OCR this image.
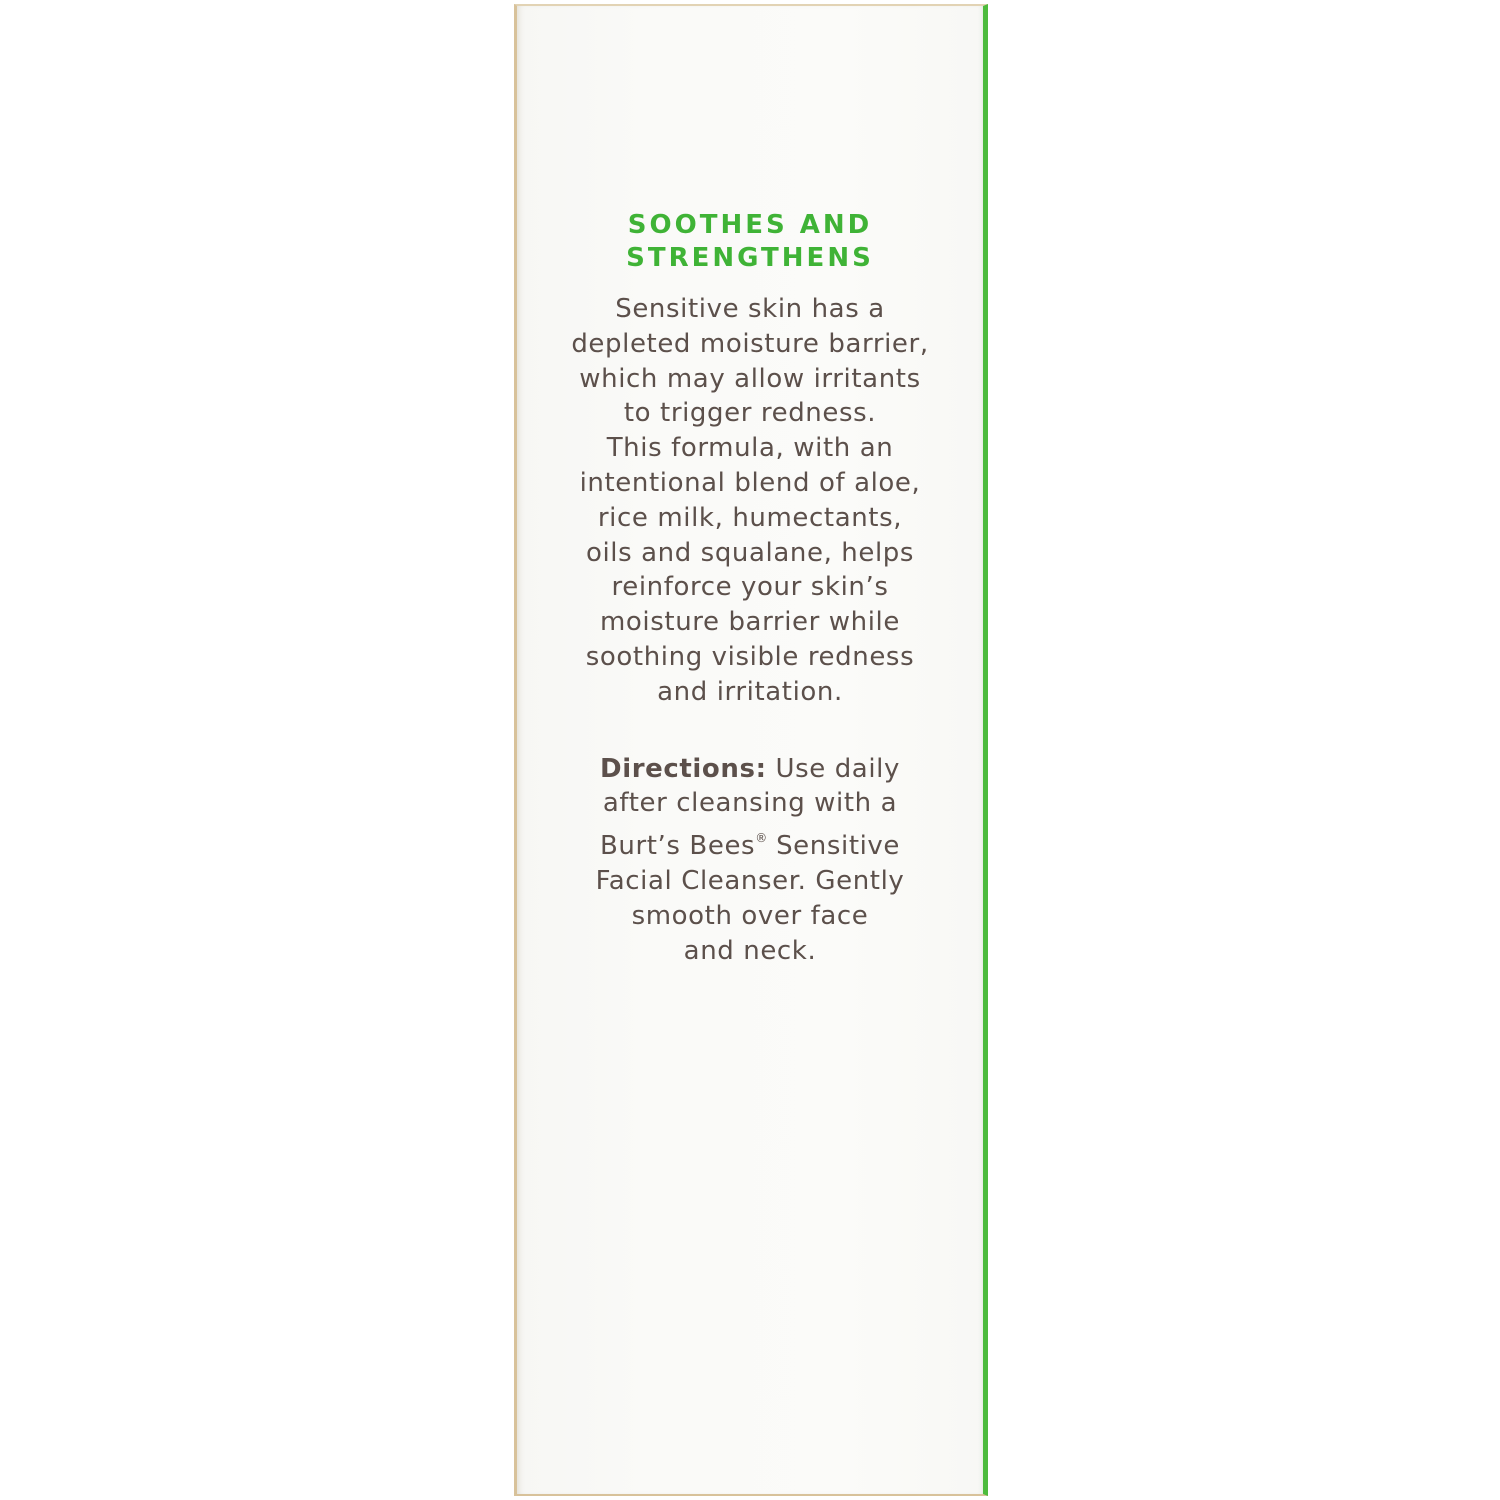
SOOTHES AND
STRENGTHENS

Sensitive skin has a
depleted moisture barrier,
which may allow irritants
to trigger redness.
This formula, with an
intentional blend of aloe,
rice milk, humectants,
oils and squalane, helps
reinforce your skin’s
moisture barrier while
soothing visible redness
and irritation.

Directions: Use daily
after cleansing with a
Burt’s Bees® Sensitive
Facial Cleanser. Gently
smooth over face
and neck.
